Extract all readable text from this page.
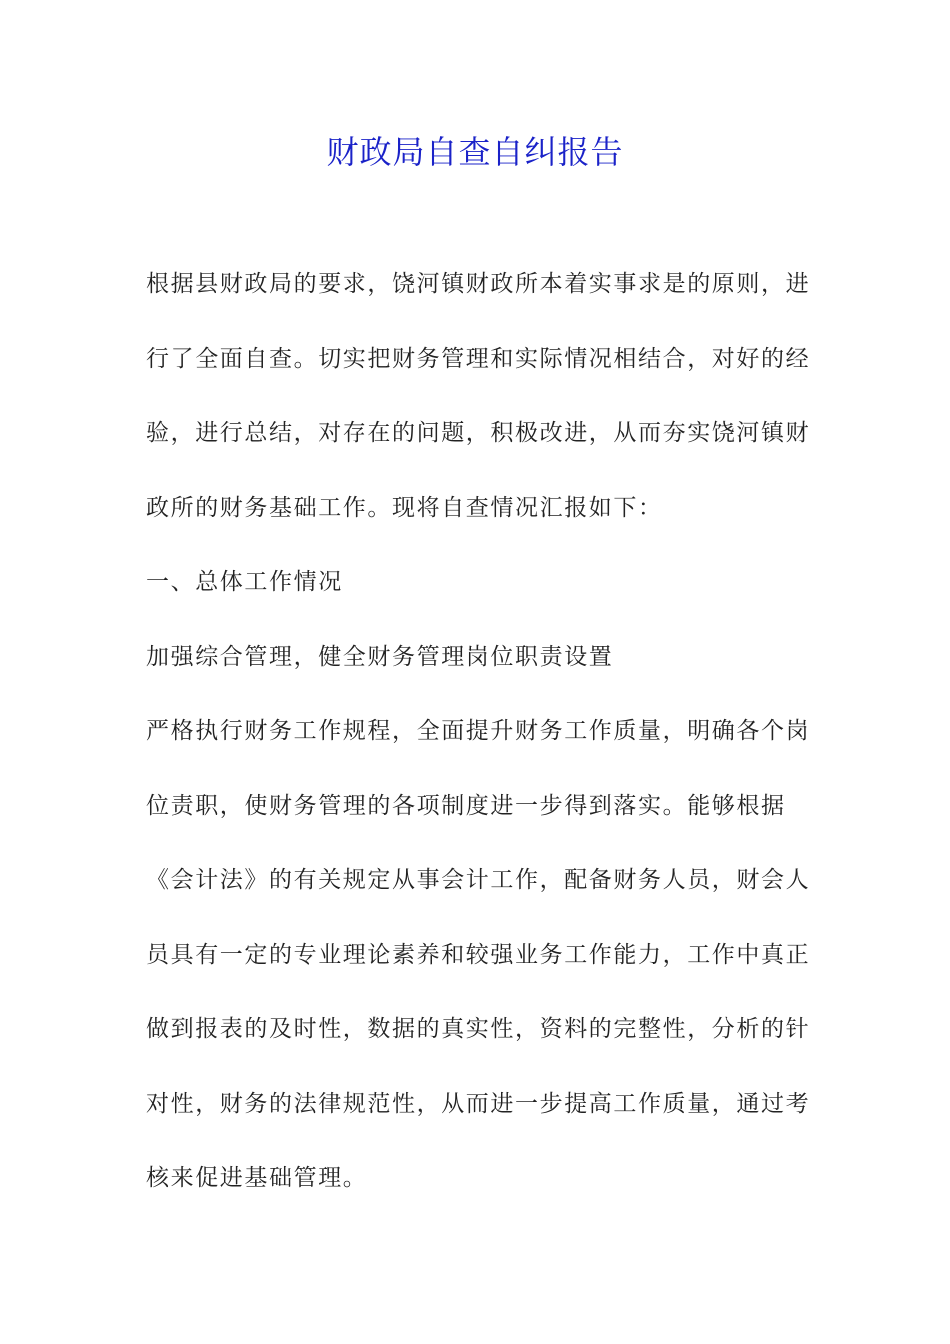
财政局自查自纠报告
根据县财政局的要求，饶河镇财政所本着实事求是的原则，进
行了全面自查。切实把财务管理和实际情况相结合，对好的经
验，进行总结，对存在的问题，积极改进，从而夯实饶河镇财
政所的财务基础工作。现将自查情况汇报如下：
一、总体工作情况
加强综合管理，健全财务管理岗位职责设置
严格执行财务工作规程，全面提升财务工作质量，明确各个岗
位责职，使财务管理的各项制度进一步得到落实。能够根据
《会计法》的有关规定从事会计工作，配备财务人员，财会人
员具有一定的专业理论素养和较强业务工作能力，工作中真正
做到报表的及时性，数据的真实性，资料的完整性，分析的针
对性，财务的法律规范性，从而进一步提高工作质量，通过考
核来促进基础管理。
